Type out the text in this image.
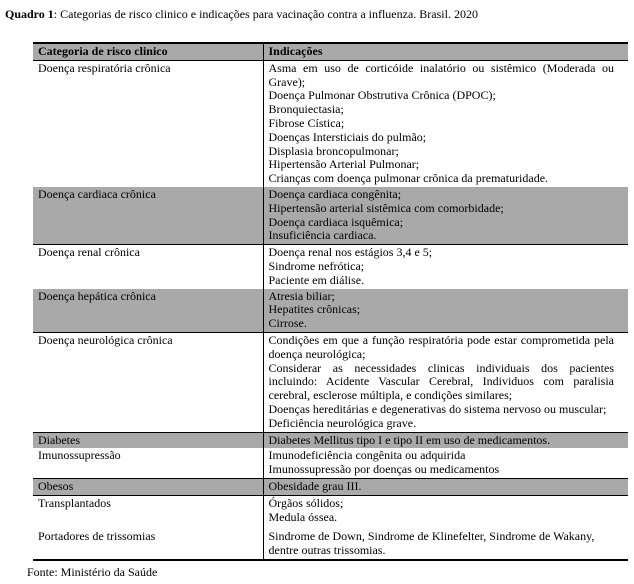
Quadro 1: Categorias de risco clinico e indicações para vacinação contra a influenza. Brasil. 2020

Categoria de risco clinico	Indicações
Doença respiratória crônica	Asma em uso de corticóide inalatório ou sistêmico (Moderada ou Grave);
Doença Pulmonar Obstrutiva Crônica (DPOC);
Bronquiectasia;
Fibrose Cística;
Doenças Intersticiais do pulmão;
Displasia broncopulmonar;
Hipertensão Arterial Pulmonar;
Crianças com doença pulmonar crônica da prematuridade.

Doença cardiaca crônica	Doença cardiaca congênita;
Hipertensão arterial sistêmica com comorbidade;
Doença cardiaca isquêmica;
Insuficiência cardiaca.

Doença renal crônica	Doença renal nos estágios 3,4 e 5;
Sindrome nefrótica;
Paciente em diálise.

Doença hepática crônica	Atresia biliar;
Hepatites crônicas;
Cirrose.

Doença neurológica crônica	Condições em que a função respiratória pode estar comprometida pela doença neurológica;
Considerar as necessidades clinicas individuais dos pacientes incluindo: Acidente Vascular Cerebral, Individuos com paralisia cerebral, esclerose múltipla, e condições similares;
Doenças hereditárias e degenerativas do sistema nervoso ou muscular;
Deficiência neurológica grave.

Diabetes	Diabetes Mellitus tipo I e tipo II em uso de medicamentos.

Imunossupressão	Imunodeficiência congênita ou adquirida
Imunossupressão por doenças ou medicamentos

Obesos	Obesidade grau III.

Transplantados	Órgãos sólidos;
Medula óssea.

Portadores de trissomias	Sindrome de Down, Sindrome de Klinefelter, Sindrome de Wakany, dentre outras trissomias.

Fonte: Ministério da Saúde
